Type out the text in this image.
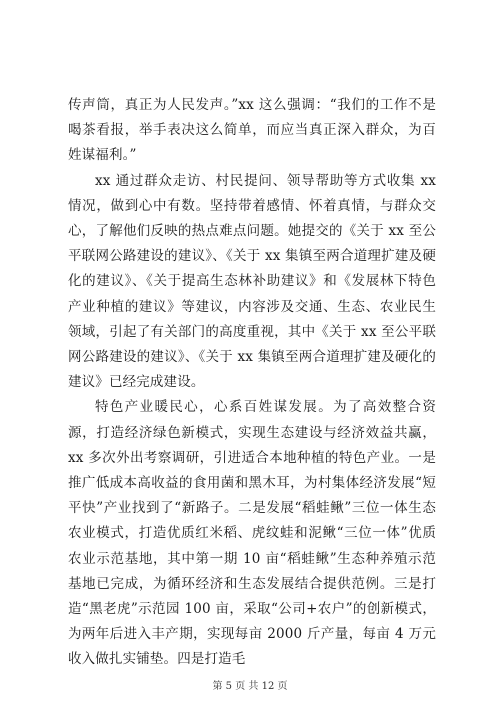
传声筒，真正为人民发声。”xx 这么强调：“我们的工作不是喝茶看报，举手表决这么简单，而应当真正深入群众，为百姓谋福利。”

xx 通过群众走访、村民提问、领导帮助等方式收集 xx 情况，做到心中有数。坚持带着感情、怀着真情，与群众交心，了解他们反映的热点难点问题。她提交的《关于 xx 至公平联网公路建设的建议》、《关于 xx 集镇至两合道理扩建及硬化的建议》、《关于提高生态林补助建议》和《发展林下特色产业种植的建议》等建议，内容涉及交通、生态、农业民生领域，引起了有关部门的高度重视，其中《关于 xx 至公平联网公路建设的建议》、《关于 xx 集镇至两合道理扩建及硬化的建议》已经完成建设。

特色产业暖民心，心系百姓谋发展。为了高效整合资源，打造经济绿色新模式，实现生态建设与经济效益共赢，xx 多次外出考察调研，引进适合本地种植的特色产业。一是推广低成本高收益的食用菌和黑木耳，为村集体经济发展“短平快”产业找到了“新路子。二是发展“稻蛙鳅”三位一体生态农业模式，打造优质红米稻、虎纹蛙和泥鳅“三位一体”优质农业示范基地，其中第一期 10 亩“稻蛙鳅”生态种养殖示范基地已完成，为循环经济和生态发展结合提供范例。三是打造“黑老虎”示范园 100 亩，采取“公司+农户”的创新模式，为两年后进入丰产期，实现每亩 2000 斤产量，每亩 4 万元收入做扎实铺垫。四是打造毛

第 5 页 共 12 页
